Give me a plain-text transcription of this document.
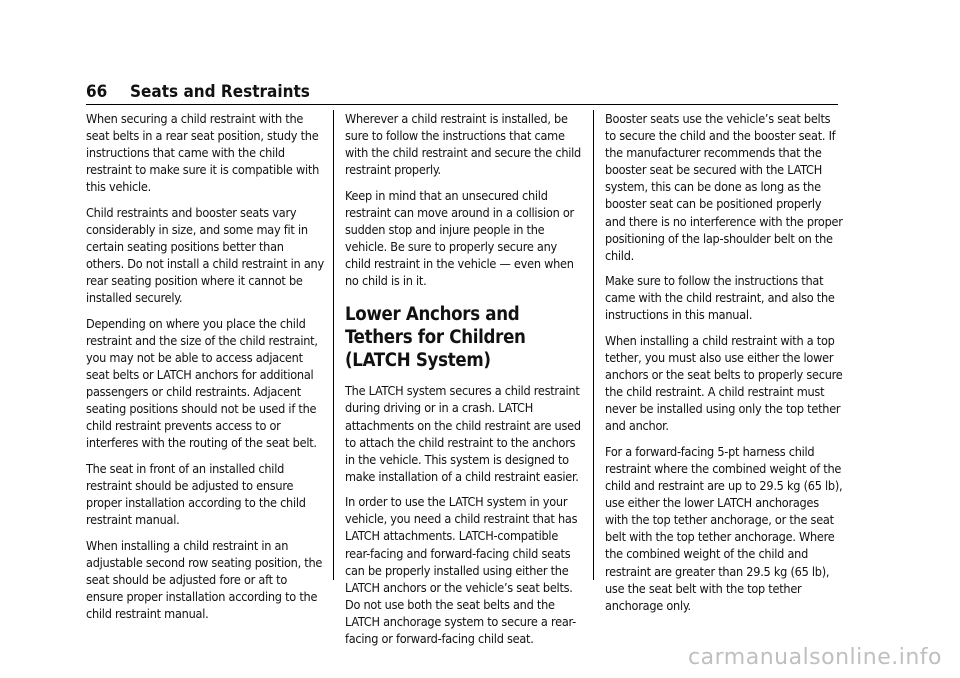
66 Seats and Restraints

When securing a child restraint with the seat belts in a rear seat position, study the instructions that came with the child restraint to make sure it is compatible with this vehicle.

Child restraints and booster seats vary considerably in size, and some may fit in certain seating positions better than others. Do not install a child restraint in any rear seating position where it cannot be installed securely.

Depending on where you place the child restraint and the size of the child restraint, you may not be able to access adjacent seat belts or LATCH anchors for additional passengers or child restraints. Adjacent seating positions should not be used if the child restraint prevents access to or interferes with the routing of the seat belt.

The seat in front of an installed child restraint should be adjusted to ensure proper installation according to the child restraint manual.

When installing a child restraint in an adjustable second row seating position, the seat should be adjusted fore or aft to ensure proper installation according to the child restraint manual.

Wherever a child restraint is installed, be sure to follow the instructions that came with the child restraint and secure the child restraint properly.

Keep in mind that an unsecured child restraint can move around in a collision or sudden stop and injure people in the vehicle. Be sure to properly secure any child restraint in the vehicle — even when no child is in it.

Lower Anchors and Tethers for Children (LATCH System)

The LATCH system secures a child restraint during driving or in a crash. LATCH attachments on the child restraint are used to attach the child restraint to the anchors in the vehicle. This system is designed to make installation of a child restraint easier.

In order to use the LATCH system in your vehicle, you need a child restraint that has LATCH attachments. LATCH-compatible rear-facing and forward-facing child seats can be properly installed using either the LATCH anchors or the vehicle’s seat belts. Do not use both the seat belts and the LATCH anchorage system to secure a rear-facing or forward-facing child seat.

Booster seats use the vehicle’s seat belts to secure the child and the booster seat. If the manufacturer recommends that the booster seat be secured with the LATCH system, this can be done as long as the booster seat can be positioned properly and there is no interference with the proper positioning of the lap-shoulder belt on the child.

Make sure to follow the instructions that came with the child restraint, and also the instructions in this manual.

When installing a child restraint with a top tether, you must also use either the lower anchors or the seat belts to properly secure the child restraint. A child restraint must never be installed using only the top tether and anchor.

For a forward-facing 5-pt harness child restraint where the combined weight of the child and restraint are up to 29.5 kg (65 lb), use either the lower LATCH anchorages with the top tether anchorage, or the seat belt with the top tether anchorage. Where the combined weight of the child and restraint are greater than 29.5 kg (65 lb), use the seat belt with the top tether anchorage only.

carmanualsonline.info
